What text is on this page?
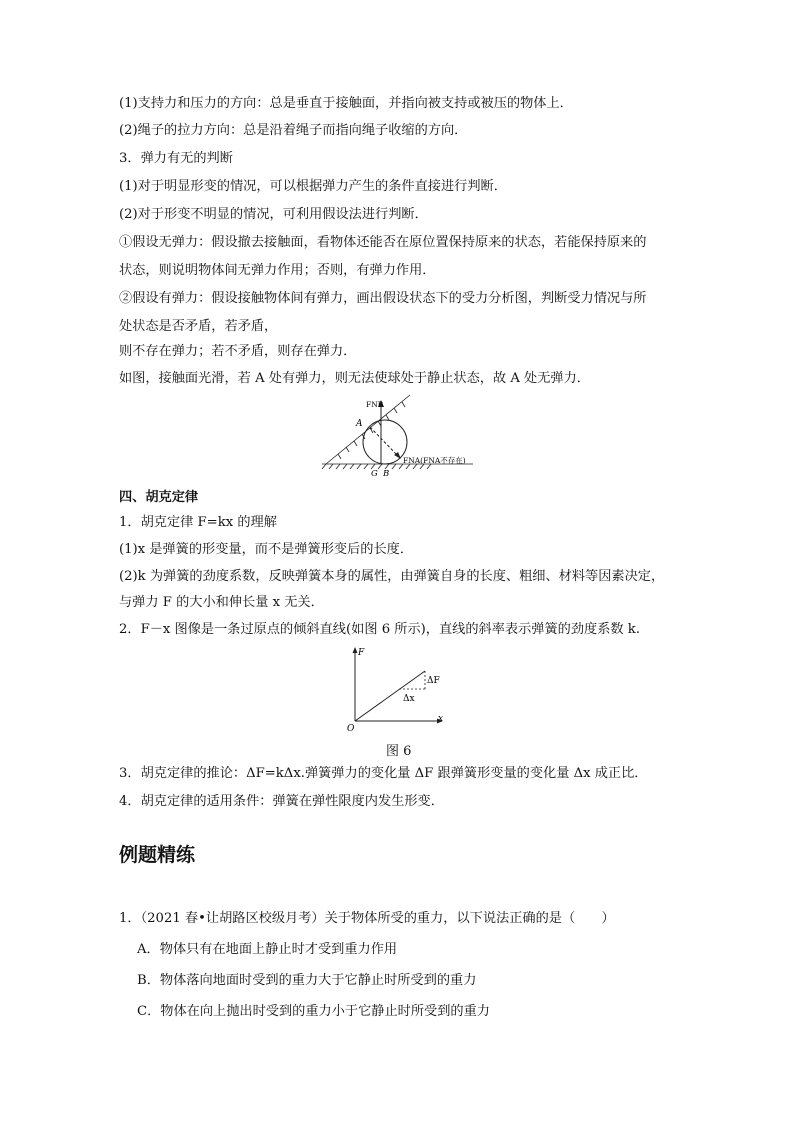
(1)支持力和压力的方向：总是垂直于接触面，并指向被支持或被压的物体上．
(2)绳子的拉力方向：总是沿着绳子而指向绳子收缩的方向．
3．弹力有无的判断
(1)对于明显形变的情况，可以根据弹力产生的条件直接进行判断．
(2)对于形变不明显的情况，可利用假设法进行判断．
①假设无弹力：假设撤去接触面，看物体还能否在原位置保持原来的状态，若能保持原来的
状态，则说明物体间无弹力作用；否则，有弹力作用．
②假设有弹力：假设接触物体间有弹力，画出假设状态下的受力分析图，判断受力情况与所
处状态是否矛盾，若矛盾，
则不存在弹力；若不矛盾，则存在弹力．
如图，接触面光滑，若 A 处有弹力，则无法使球处于静止状态，故 A 处无弹力．
FNB
A
FNA(FNA不存在)
G B
四、胡克定律
1．胡克定律 F=kx 的理解
(1)x 是弹簧的形变量，而不是弹簧形变后的长度．
(2)k 为弹簧的劲度系数，反映弹簧本身的属性，由弹簧自身的长度、粗细、材料等因素决定，
与弹力 F 的大小和伸长量 x 无关．
2．F－x 图像是一条过原点的倾斜直线(如图 6 所示)，直线的斜率表示弹簧的劲度系数 k.
F
x
O
ΔF
Δx
图 6
3．胡克定律的推论：ΔF=kΔx.弹簧弹力的变化量 ΔF 跟弹簧形变量的变化量 Δx 成正比．
4．胡克定律的适用条件：弹簧在弹性限度内发生形变．
例题精练
1．（2021 春•让胡路区校级月考）关于物体所受的重力，以下说法正确的是（　　）
A．物体只有在地面上静止时才受到重力作用
B．物体落向地面时受到的重力大于它静止时所受到的重力
C．物体在向上抛出时受到的重力小于它静止时所受到的重力
